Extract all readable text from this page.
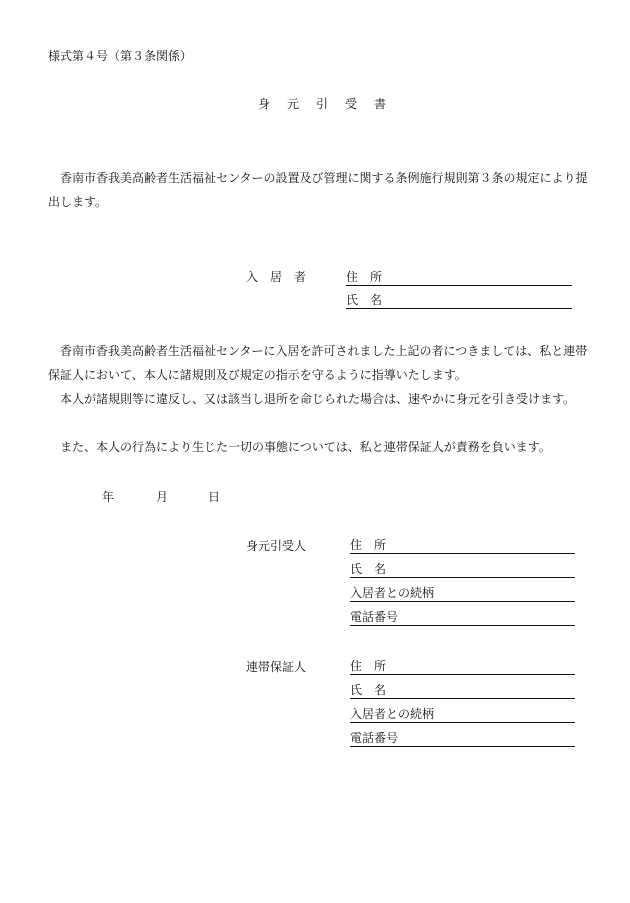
様式第４号（第３条関係）
身元引受書

香南市香我美高齢者生活福祉センターの設置及び管理に関する条例施行規則第３条の規定により提出します。

入　居　者	住　所
氏　名

香南市香我美高齢者生活福祉センターに入居を許可されました上記の者につきましては、私と連帯保証人において、本人に諸規則及び規定の指示を守るように指導いたします。

本人が諸規則等に違反し、又は該当し退所を命じられた場合は、速やかに身元を引き受けます。

また、本人の行為により生じた一切の事態については、私と連帯保証人が責務を負います。

年	月	日
身元引受人	住　所
氏　名
入居者との続柄
電話番号
連帯保証人	住　所
氏　名
入居者との続柄
電話番号
